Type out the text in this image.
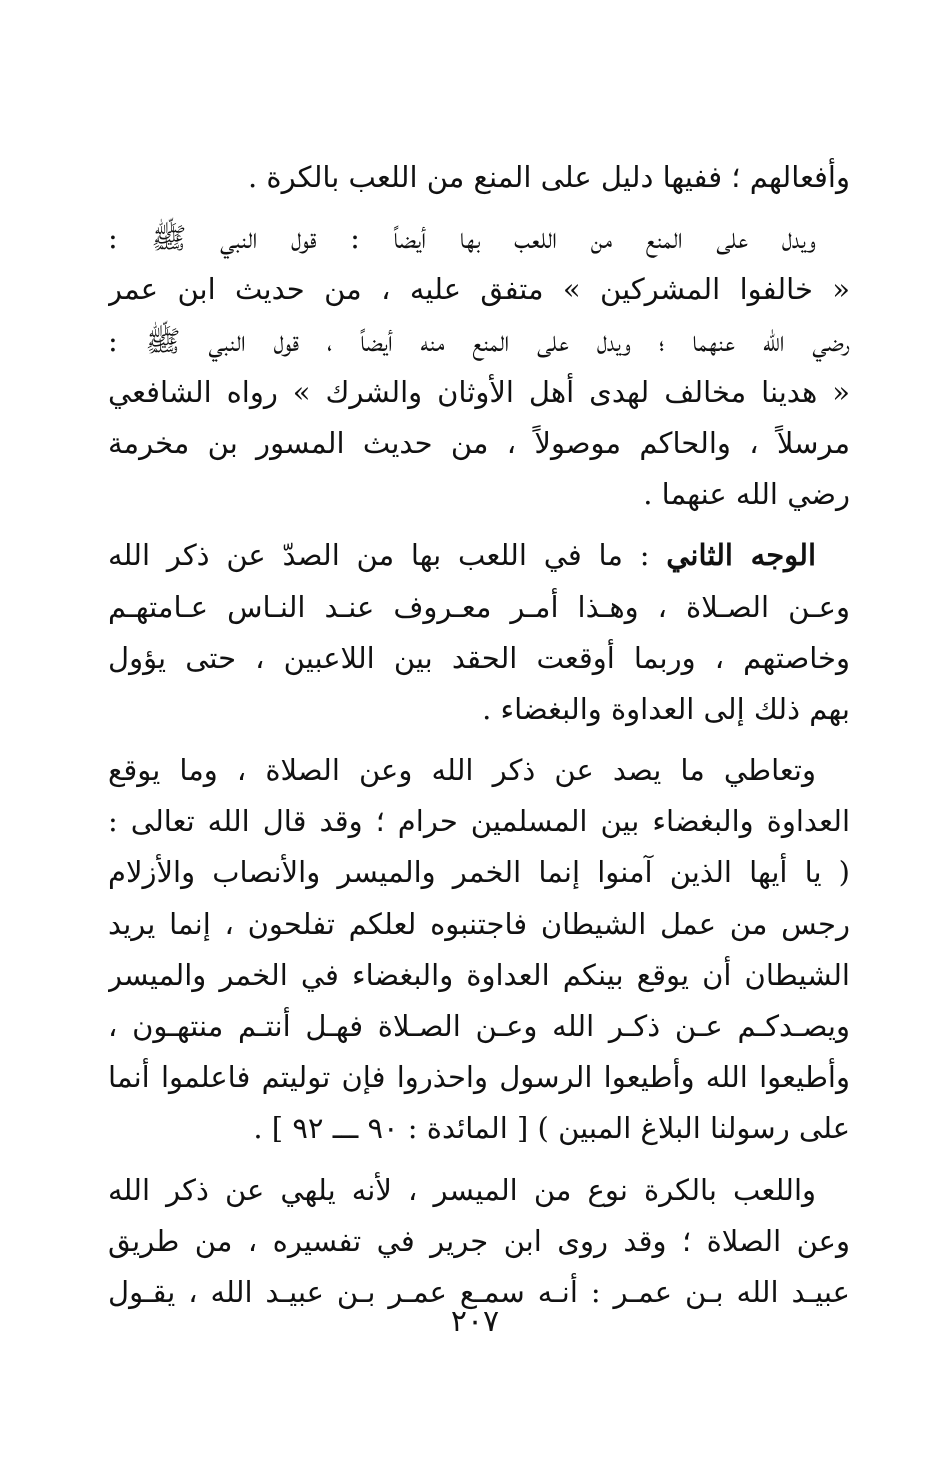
وأفعالهم ؛ ففيها دليل على المنع من اللعب بالكرة .
ويدل على المنع من اللعب بها أيضاً : قول النبي ﷺ :
« خالفوا المشركين » متفق عليه ، من حديث ابن عمر
رضي الله عنهما ؛ ويدل على المنع منه أيضاً ، قول النبي ﷺ :
« هدينا مخالف لهدى أهل الأوثان والشرك » رواه الشافعي
مرسلاً ، والحاكم موصولاً ، من حديث المسور بن مخرمة
رضي الله عنهما .
الوجه الثاني : ما في اللعب بها من الصدّ عن ذكر الله
وعـن الصـلاة ، وهـذا أمـر معـروف عنـد النـاس عـامتهـم
وخاصتهم ، وربما أوقعت الحقد بين اللاعبين ، حتى يؤول
بهم ذلك إلى العداوة والبغضاء .
وتعاطي ما يصد عن ذكر الله وعن الصلاة ، وما يوقع
العداوة والبغضاء بين المسلمين حرام ؛ وقد قال الله تعالى :
( يا أيها الذين آمنوا إنما الخمر والميسر والأنصاب والأزلام
رجس من عمل الشيطان فاجتنبوه لعلكم تفلحون ، إنما يريد
الشيطان أن يوقع بينكم العداوة والبغضاء في الخمر والميسر
ويصـدكـم عـن ذكـر الله وعـن الصـلاة فهـل أنتـم منتهـون ،
وأطيعوا الله وأطيعوا الرسول واحذروا فإن توليتم فاعلموا أنما
على رسولنا البلاغ المبين ) [ المائدة : ٩٠ ـــ ٩٢ ] .
واللعب بالكرة نوع من الميسر ، لأنه يلهي عن ذكر الله
وعن الصلاة ؛ وقد روى ابن جرير في تفسيره ، من طريق
عبيـد الله بـن عمـر : أنـه سمـع عمـر بـن عبيـد الله ، يقـول
٢٠٧
